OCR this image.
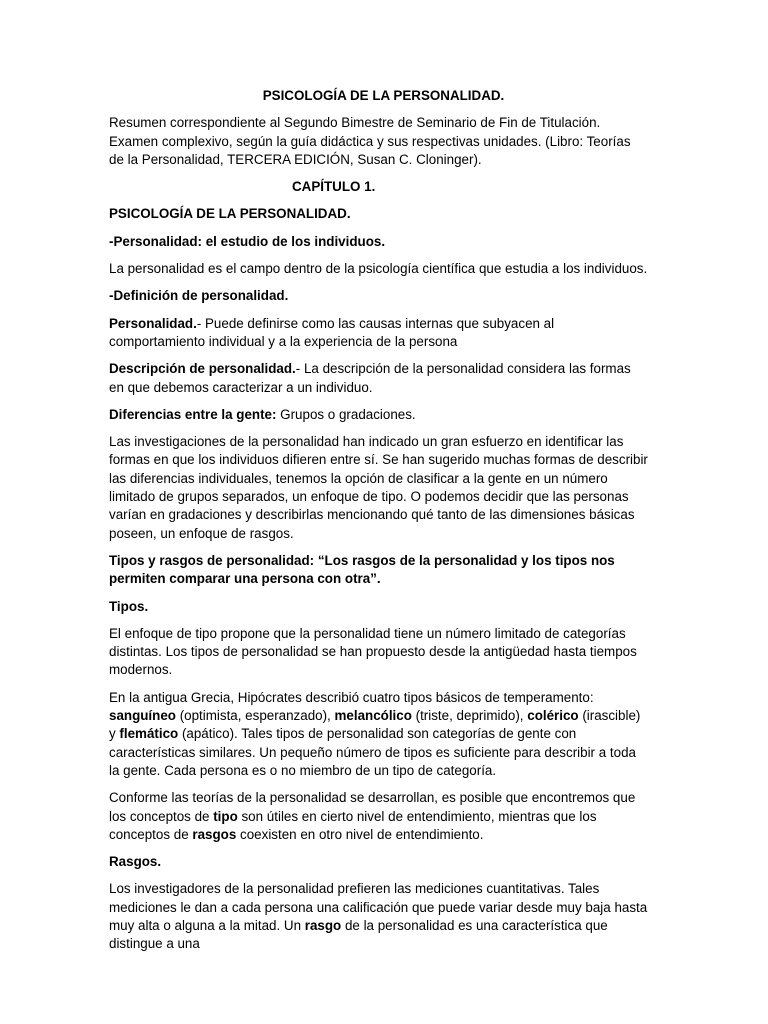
PSICOLOGÍA DE LA PERSONALIDAD.

Resumen correspondiente al Segundo Bimestre de Seminario de Fin de Titulación. Examen complexivo, según la guía didáctica y sus respectivas unidades. (Libro: Teorías de la Personalidad, TERCERA EDICIÓN, Susan C. Cloninger).

CAPÍTULO 1.

PSICOLOGÍA DE LA PERSONALIDAD.

-Personalidad: el estudio de los individuos.

La personalidad es el campo dentro de la psicología científica que estudia a los individuos.

-Definición de personalidad.

Personalidad.- Puede definirse como las causas internas que subyacen al comportamiento individual y a la experiencia de la persona

Descripción de personalidad.- La descripción de la personalidad considera las formas en que debemos caracterizar a un individuo.

Diferencias entre la gente: Grupos o gradaciones.

Las investigaciones de la personalidad han indicado un gran esfuerzo en identificar las formas en que los individuos difieren entre sí. Se han sugerido muchas formas de describir las diferencias individuales, tenemos la opción de clasificar a la gente en un número limitado de grupos separados, un enfoque de tipo. O podemos decidir que las personas varían en gradaciones y describirlas mencionando qué tanto de las dimensiones básicas poseen, un enfoque de rasgos.

Tipos y rasgos de personalidad: “Los rasgos de la personalidad y los tipos nos permiten comparar una persona con otra”.

Tipos.

El enfoque de tipo propone que la personalidad tiene un número limitado de categorías distintas. Los tipos de personalidad se han propuesto desde la antigüedad hasta tiempos modernos.

En la antigua Grecia, Hipócrates describió cuatro tipos básicos de temperamento: sanguíneo (optimista, esperanzado), melancólico (triste, deprimido), colérico (irascible) y flemático (apático). Tales tipos de personalidad son categorías de gente con características similares. Un pequeño número de tipos es suficiente para describir a toda la gente. Cada persona es o no miembro de un tipo de categoría.

Conforme las teorías de la personalidad se desarrollan, es posible que encontremos que los conceptos de tipo son útiles en cierto nivel de entendimiento, mientras que los conceptos de rasgos coexisten en otro nivel de entendimiento.

Rasgos.

Los investigadores de la personalidad prefieren las mediciones cuantitativas. Tales mediciones le dan a cada persona una calificación que puede variar desde muy baja hasta muy alta o alguna a la mitad. Un rasgo de la personalidad es una característica que distingue a una
